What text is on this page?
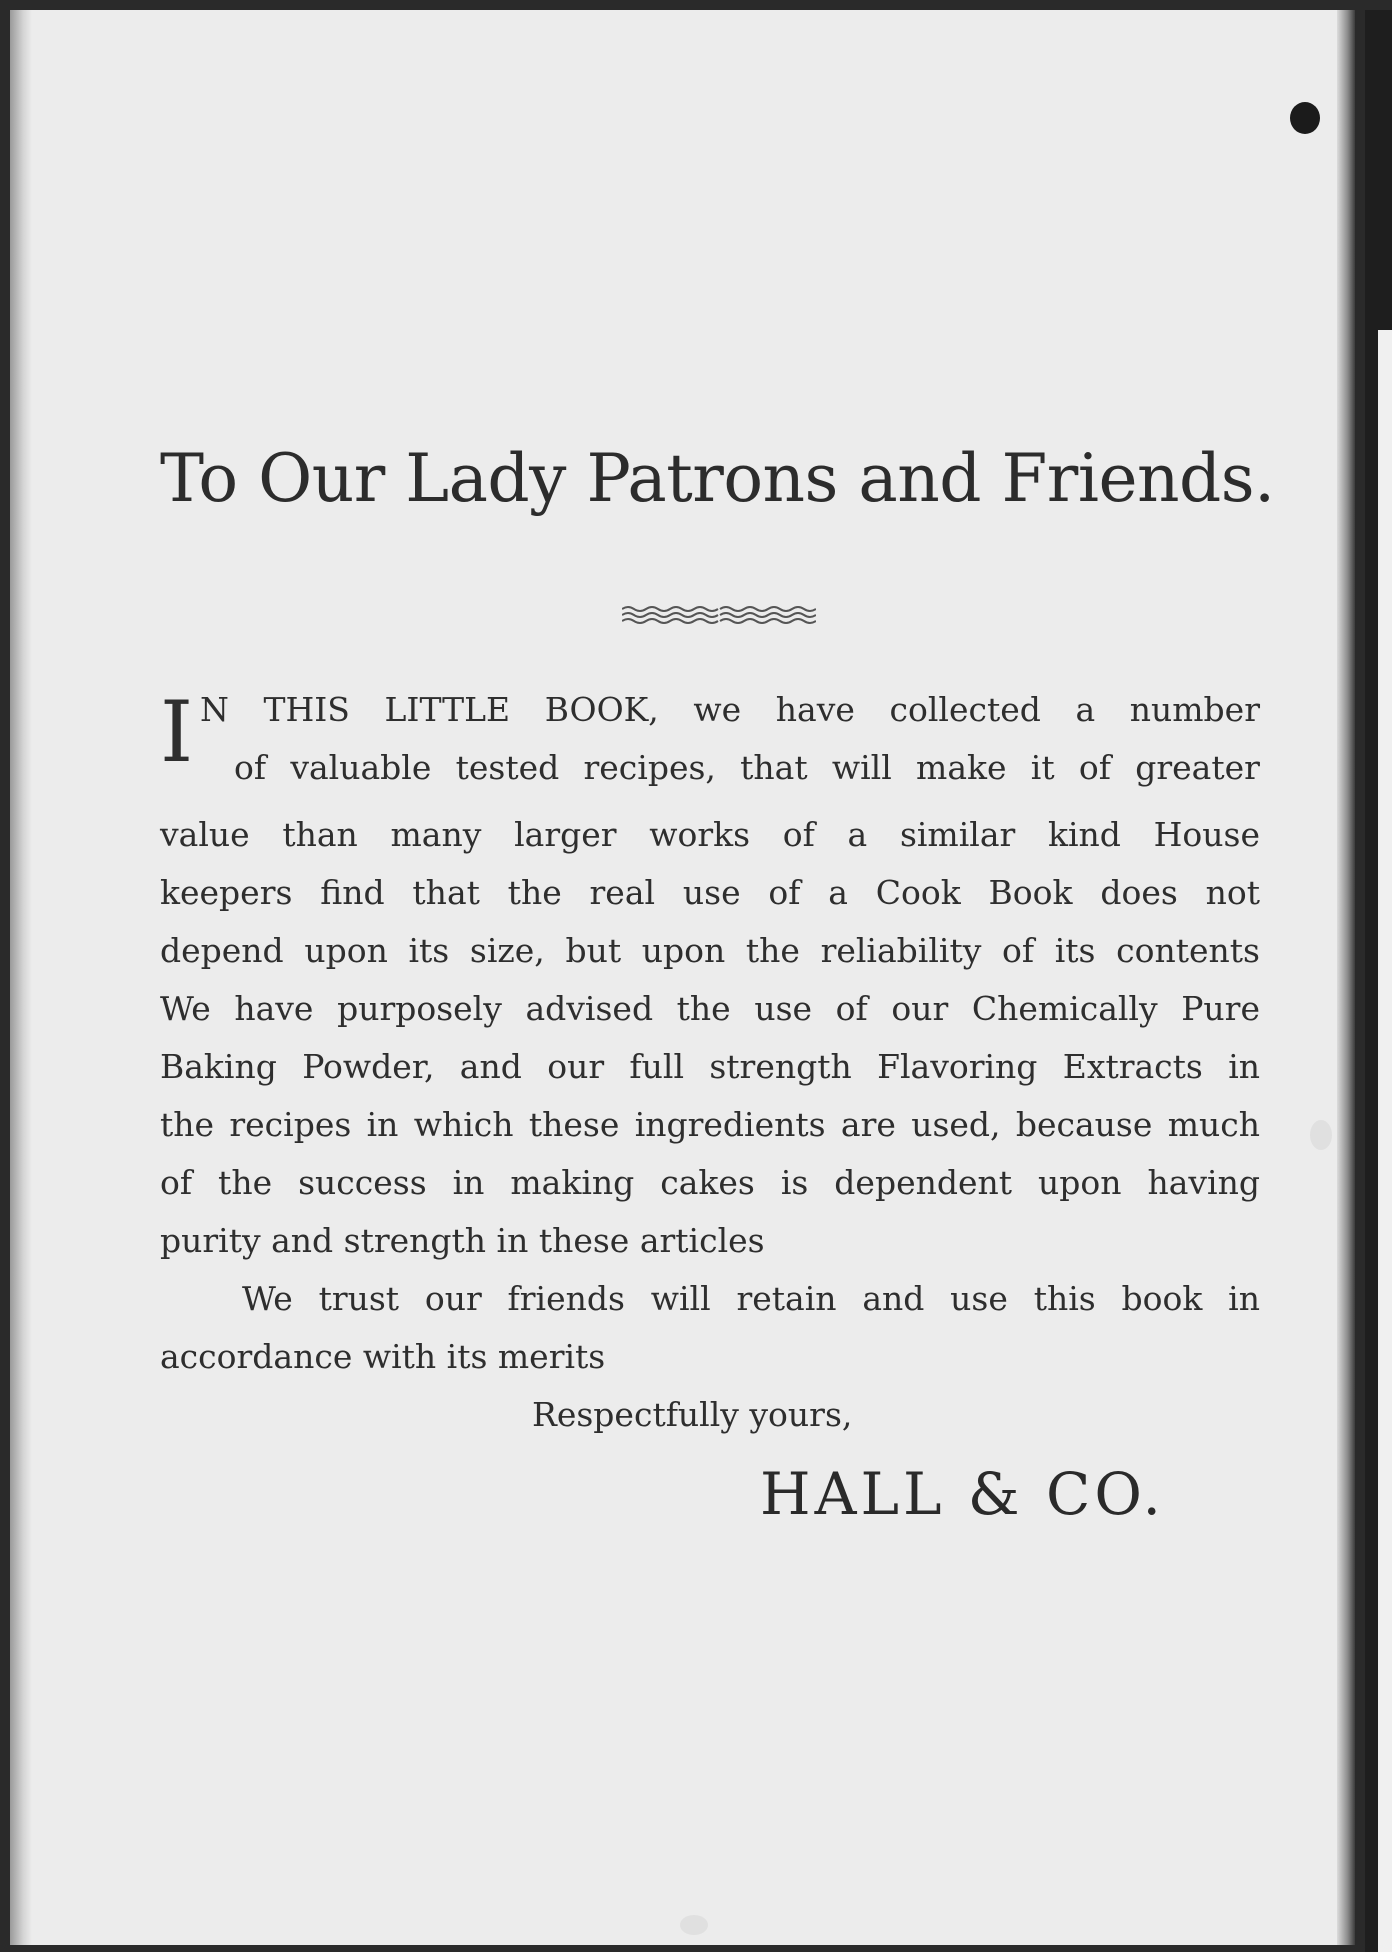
To Our Lady Patrons and Friends.
I N THIS LITTLE BOOK, we have collected a number
of valuable tested recipes, that will make it of greater
value than many larger works of a similar kind House
keepers find that the real use of a Cook Book does not
depend upon its size, but upon the reliability of its contents
We have purposely advised the use of our Chemically Pure
Baking Powder, and our full strength Flavoring Extracts in
the recipes in which these ingredients are used, because much
of the success in making cakes is dependent upon having
purity and strength in these articles
We trust our friends will retain and use this book in
accordance with its merits
Respectfully yours,
HALL & CO.
